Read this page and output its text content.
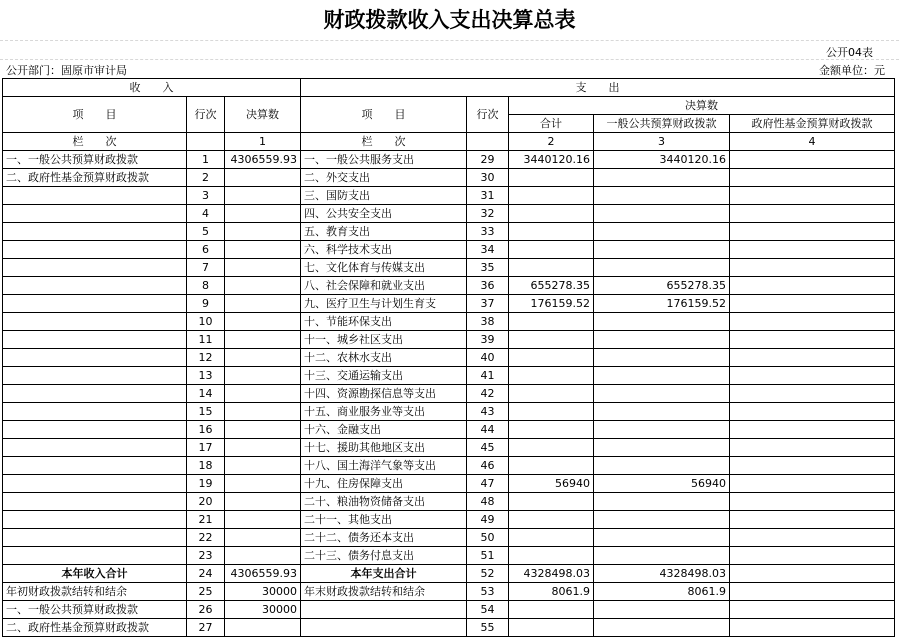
财政拨款收入支出决算总表
公开04表
公开部门：固原市审计局	金额单位：元
收　　入			支　　出				
项　　目	行次	决算数	项　　目	行次	决算数		
					合计	一般公共预算财政拨款	政府性基金预算财政拨款
栏　　次		1	栏　　次		2	3	4
一、一般公共预算财政拨款	1	4306559.93	一、一般公共服务支出	29	3440120.16	3440120.16	
二、政府性基金预算财政拨款	2		二、外交支出	30			
	3		三、国防支出	31			
	4		四、公共安全支出	32			
	5		五、教育支出	33			
	6		六、科学技术支出	34			
	7		七、文化体育与传媒支出	35			
	8		八、社会保障和就业支出	36	655278.35	655278.35	
	9		九、医疗卫生与计划生育支	37	176159.52	176159.52	
	10		十、节能环保支出	38			
	11		十一、城乡社区支出	39			
	12		十二、农林水支出	40			
	13		十三、交通运输支出	41			
	14		十四、资源勘探信息等支出	42			
	15		十五、商业服务业等支出	43			
	16		十六、金融支出	44			
	17		十七、援助其他地区支出	45			
	18		十八、国土海洋气象等支出	46			
	19		十九、住房保障支出	47	56940	56940	
	20		二十、粮油物资储备支出	48			
	21		二十一、其他支出	49			
	22		二十二、债务还本支出	50			
	23		二十三、债务付息支出	51			
本年收入合计	24	4306559.93	本年支出合计	52	4328498.03	4328498.03	
年初财政拨款结转和结余	25	30000	年末财政拨款结转和结余	53	8061.9	8061.9	
一、一般公共预算财政拨款	26	30000		54			
二、政府性基金预算财政拨款	27			55			
